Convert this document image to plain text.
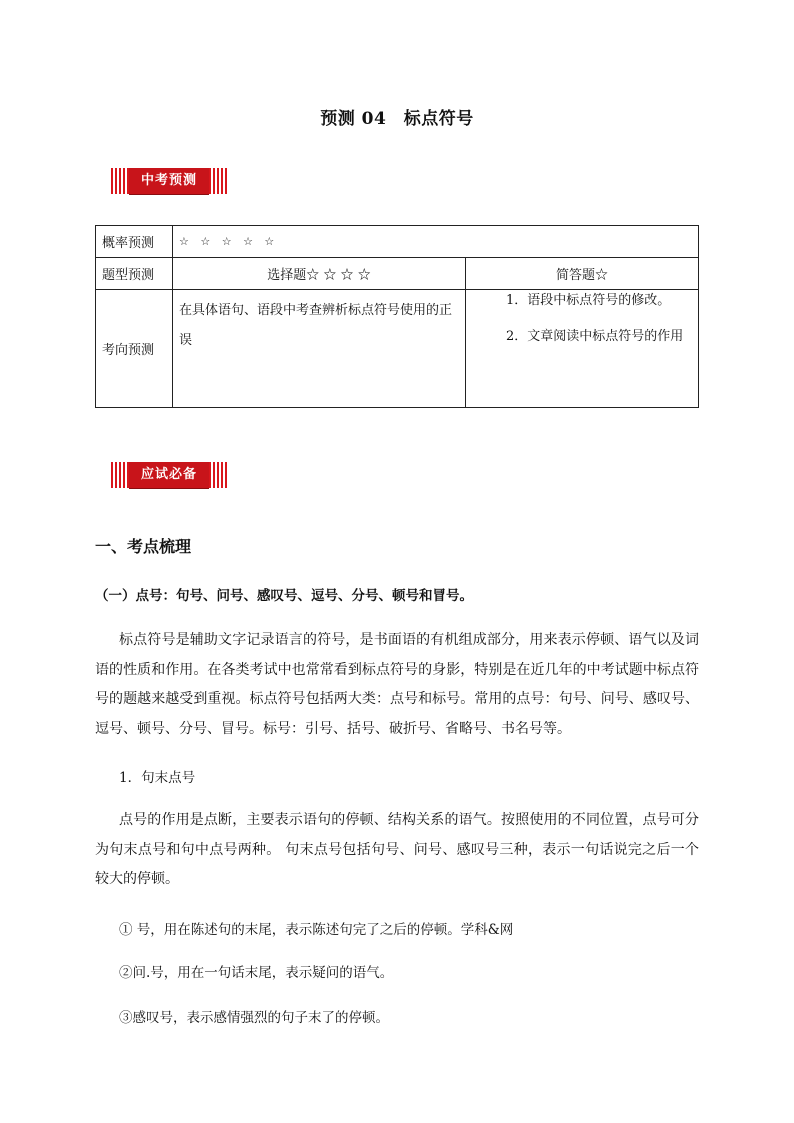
预测 04　标点符号
中考预测
概率预测	☆ ☆ ☆ ☆ ☆	
题型预测	选择题☆ ☆ ☆ ☆	简答题☆
考向预测	在具体语句、语段中考查辨析标点符号使用的正误	1．语段中标点符号的修改。
2．文章阅读中标点符号的作用
应试必备
一、考点梳理
（一）点号：句号、问号、感叹号、逗号、分号、顿号和冒号。
标点符号是辅助文字记录语言的符号，是书面语的有机组成部分，用来表示停顿、语气以及词语的性质和作用。在各类考试中也常常看到标点符号的身影，特别是在近几年的中考试题中标点符号的题越来越受到重视。标点符号包括两大类：点号和标号。常用的点号：句号、问号、感叹号、逗号、顿号、分号、冒号。标号：引号、括号、破折号、省略号、书名号等。
1．句末点号
点号的作用是点断，主要表示语句的停顿、结构关系的语气。按照使用的不同位置，点号可分为句末点号和句中点号两种。 句末点号包括句号、问号、感叹号三种，表示一句话说完之后一个较大的停顿。
① 号，用在陈述句的末尾，表示陈述句完了之后的停顿。学科&网
②问.号，用在一句话末尾，表示疑问的语气。
③感叹号，表示感情强烈的句子末了的停顿。
